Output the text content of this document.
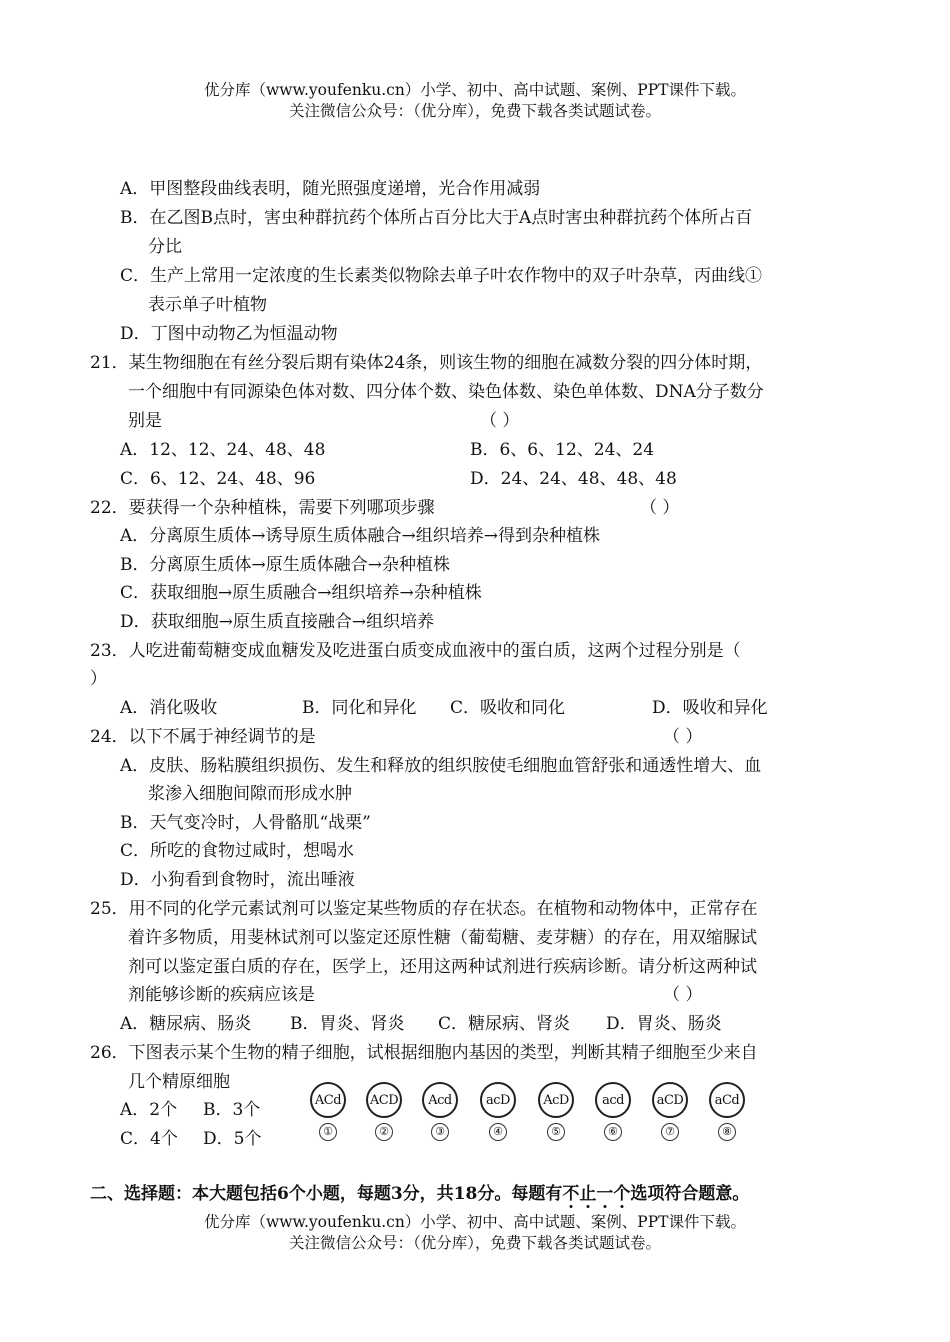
优分库（www.youfenku.cn）小学、初中、高中试题、案例、PPT课件下载。
关注微信公众号：（优分库），免费下载各类试题试卷。
A．甲图整段曲线表明，随光照强度递增，光合作用减弱
B．在乙图B点时，害虫种群抗药个体所占百分比大于A点时害虫种群抗药个体所占百
分比
C．生产上常用一定浓度的生长素类似物除去单子叶农作物中的双子叶杂草，丙曲线①
表示单子叶植物
D．丁图中动物乙为恒温动物
21．某生物细胞在有丝分裂后期有染体24条，则该生物的细胞在减数分裂的四分体时期，
一个细胞中有同源染色体对数、四分体个数、染色体数、染色单体数、DNA分子数分
别是	（ ）
A．12、12、24、48、48	B．6、6、12、24、24
C．6、12、24、48、96	D．24、24、48、48、48
22．要获得一个杂种植株，需要下列哪项步骤	（ ）
A．分离原生质体→诱导原生质体融合→组织培养→得到杂种植株
B．分离原生质体→原生质体融合→杂种植株
C．获取细胞→原生质融合→组织培养→杂种植株
D．获取细胞→原生质直接融合→组织培养
23．人吃进葡萄糖变成血糖发及吃进蛋白质变成血液中的蛋白质，这两个过程分别是（
）
A．消化吸收	B．同化和异化 C．吸收和同化	D．吸收和异化
24．以下不属于神经调节的是	（ ）
A．皮肤、肠粘膜组织损伤、发生和释放的组织胺使毛细胞血管舒张和通透性增大、血
浆渗入细胞间隙而形成水肿
B．天气变冷时，人骨骼肌“战栗”
C．所吃的食物过咸时，想喝水
D．小狗看到食物时，流出唾液
25．用不同的化学元素试剂可以鉴定某些物质的存在状态。在植物和动物体中，正常存在
着许多物质，用斐林试剂可以鉴定还原性糖（葡萄糖、麦芽糖）的存在，用双缩脲试
剂可以鉴定蛋白质的存在，医学上，还用这两种试剂进行疾病诊断。请分析这两种试
剂能够诊断的疾病应该是	（ ）
A．糖尿病、肠炎 B．胃炎、肾炎 C．糖尿病、肾炎 D．胃炎、肠炎
26．下图表示某个生物的精子细胞，试根据细胞内基因的类型，判断其精子细胞至少来自
几个精原细胞
A．2个 B．3个
C．4个 D．5个
ACd
①
ACD
②
Acd
③
acD
④
AcD
⑤
acd
⑥
aCD
⑦
aCd
⑧
二、选择题：本大题包括6个小题，每题3分，共18分。每题有不止一个选项符合题意。
优分库（www.youfenku.cn）小学、初中、高中试题、案例、PPT课件下载。
关注微信公众号：（优分库），免费下载各类试题试卷。
